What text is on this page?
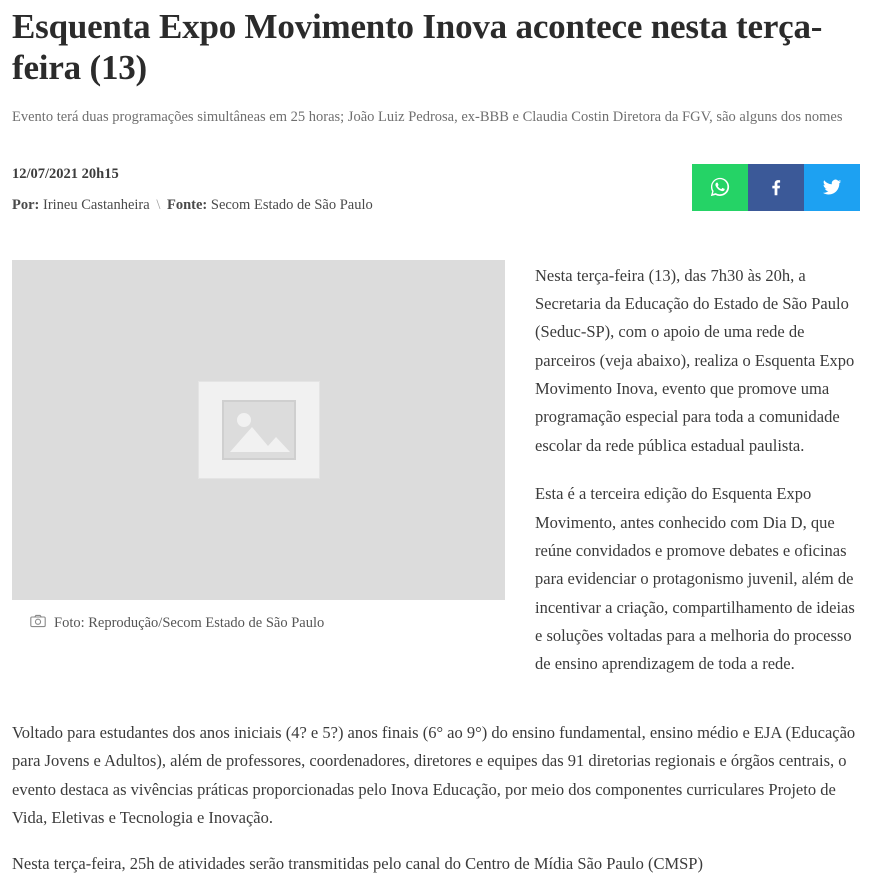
Esquenta Expo Movimento Inova acontece nesta terça-feira (13)

Evento terá duas programações simultâneas em 25 horas; João Luiz Pedrosa, ex-BBB e Claudia Costin Diretora da FGV, são alguns dos nomes

12/07/2021 20h15

Por: Irineu Castanheira \ Fonte: Secom Estado de São Paulo

Foto: Reprodução/Secom Estado de São Paulo

Nesta terça-feira (13), das 7h30 às 20h, a Secretaria da Educação do Estado de São Paulo (Seduc-SP), com o apoio de uma rede de parceiros (veja abaixo), realiza o Esquenta Expo Movimento Inova, evento que promove uma programação especial para toda a comunidade escolar da rede pública estadual paulista.

Esta é a terceira edição do Esquenta Expo Movimento, antes conhecido com Dia D, que reúne convidados e promove debates e oficinas para evidenciar o protagonismo juvenil, além de incentivar a criação, compartilhamento de ideias e soluções voltadas para a melhoria do processo de ensino aprendizagem de toda a rede.

Voltado para estudantes dos anos iniciais (4? e 5?) anos finais (6° ao 9°) do ensino fundamental, ensino médio e EJA (Educação para Jovens e Adultos), além de professores, coordenadores, diretores e equipes das 91 diretorias regionais e órgãos centrais, o evento destaca as vivências práticas proporcionadas pelo Inova Educação, por meio dos componentes curriculares Projeto de Vida, Eletivas e Tecnologia e Inovação.

Nesta terça-feira, 25h de atividades serão transmitidas pelo canal do Centro de Mídia São Paulo (CMSP)
